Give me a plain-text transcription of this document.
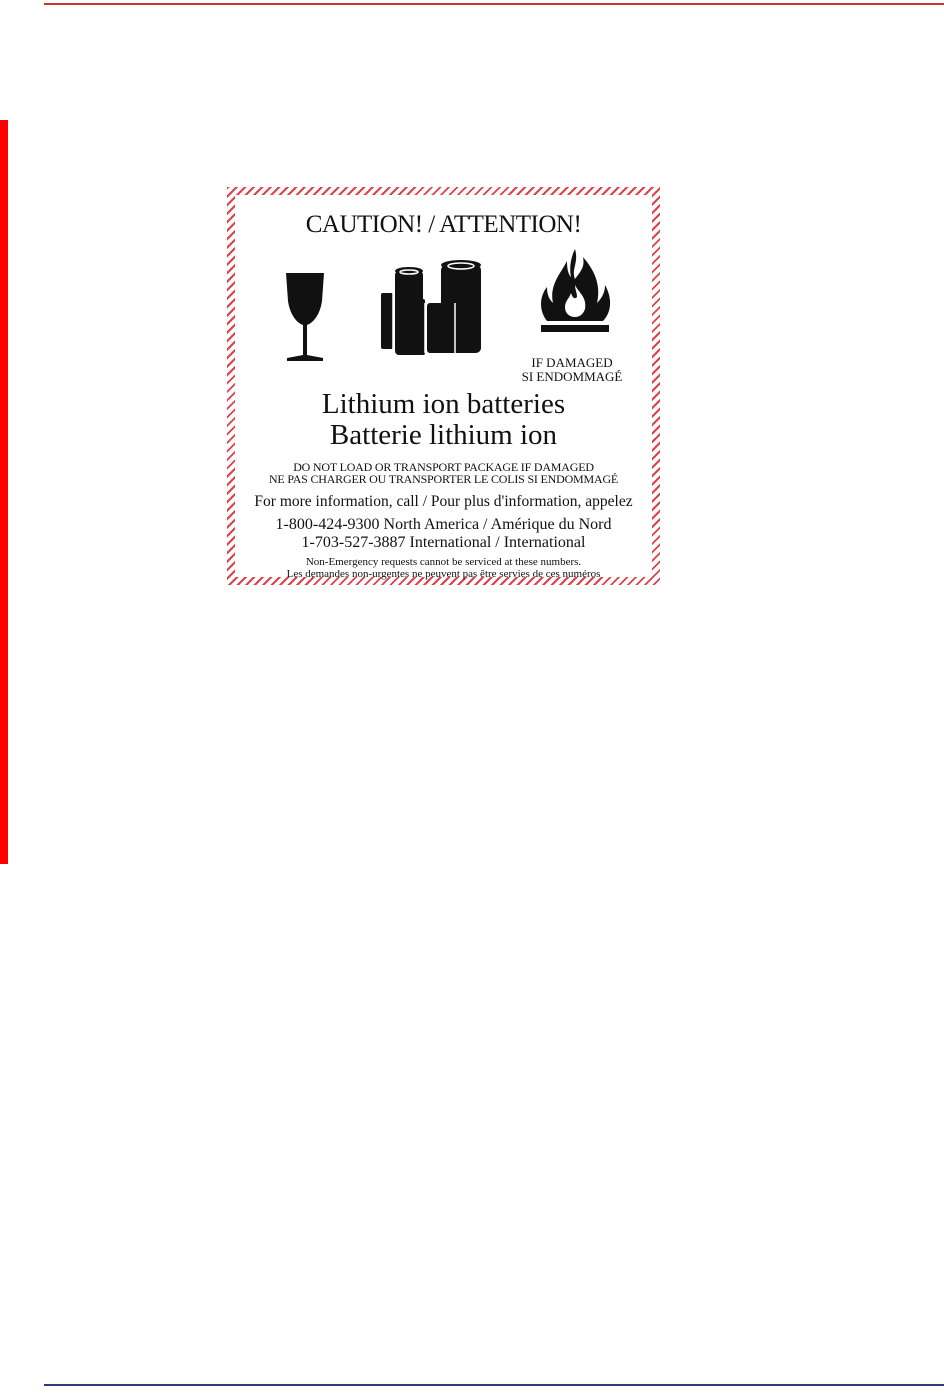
CAUTION! / ATTENTION!
IF DAMAGED
SI ENDOMMAGÉ
Lithium ion batteries
Batterie lithium ion
DO NOT LOAD OR TRANSPORT PACKAGE IF DAMAGED
NE PAS CHARGER OU TRANSPORTER LE COLIS SI ENDOMMAGÉ
For more information, call / Pour plus d'information, appelez
1-800-424-9300 North America / Amérique du Nord
1-703-527-3887 International / International
Non-Emergency requests cannot be serviced at these numbers.
Les demandes non-urgentes ne peuvent pas être servies de ces numéros
